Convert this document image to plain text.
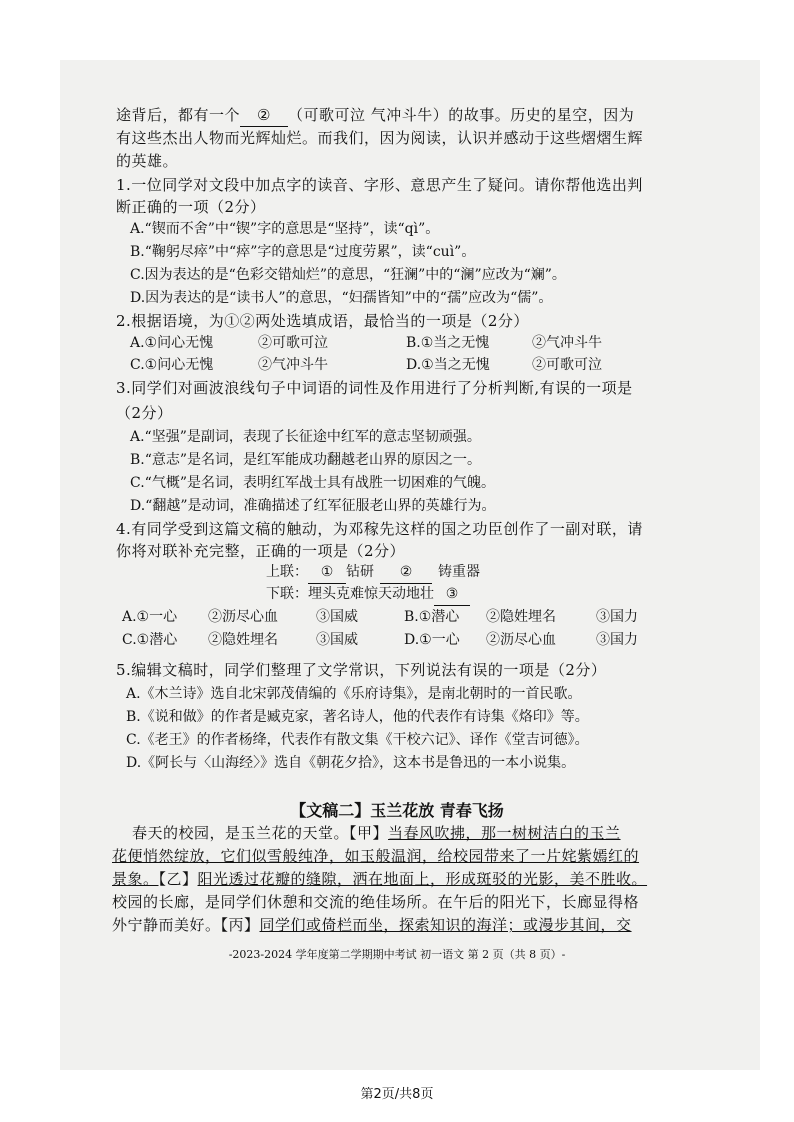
途背后，都有一个 ② （可歌可泣 气冲斗牛）的故事。历史的星空，因为
有这些杰出人物而光辉灿烂。而我们，因为阅读，认识并感动于这些熠熠生辉
的英雄。
1.一位同学对文段中加点字的读音、字形、意思产生了疑问。请你帮他选出判
断正确的一项（2分）
A.“锲而不舍”中“锲”字的意思是“坚持”，读“qì”。
B.“鞠躬尽瘁”中“瘁”字的意思是“过度劳累”，读“cuì”。
C.因为表达的是“色彩交错灿烂”的意思，“狂澜”中的“澜”应改为“斓”。
D.因为表达的是“读书人”的意思，“妇孺皆知”中的“孺”应改为“儒”。
2.根据语境，为①②两处选填成语，最恰当的一项是（2分）
A.①问心无愧	②可歌可泣	B.①当之无愧	②气冲斗牛
C.①问心无愧	②气冲斗牛	D.①当之无愧	②可歌可泣
3.同学们对画波浪线句子中词语的词性及作用进行了分析判断,有误的一项是
（2分）
A.“坚强”是副词，表现了长征途中红军的意志坚韧顽强。
B.“意志”是名词，是红军能成功翻越老山界的原因之一。
C.“气概”是名词，表明红军战士具有战胜一切困难的气魄。
D.“翻越”是动词，准确描述了红军征服老山界的英雄行为。
4.有同学受到这篇文稿的触动，为邓稼先这样的国之功臣创作了一副对联，请
你将对联补充完整，正确的一项是（2分）
上联： ① 钻研 ② 铸重器
下联：埋头克难惊天动地壮 ③
A.①一心 ②沥尽心血	③国威	B.①潜心 ②隐姓埋名	③国力
C.①潜心 ②隐姓埋名	③国威	D.①一心 ②沥尽心血	③国力
5.编辑文稿时，同学们整理了文学常识，下列说法有误的一项是（2分）
A.《木兰诗》选自北宋郭茂倩编的《乐府诗集》，是南北朝时的一首民歌。
B.《说和做》的作者是臧克家，著名诗人，他的代表作有诗集《烙印》等。
C.《老王》的作者杨绛，代表作有散文集《干校六记》、译作《堂吉诃德》。
D.《阿长与〈山海经〉》选自《朝花夕拾》，这本书是鲁迅的一本小说集。
【文稿二】玉兰花放 青春飞扬
春天的校园，是玉兰花的天堂。【甲】当春风吹拂，那一树树洁白的玉兰
花便悄然绽放，它们似雪般纯净，如玉般温润，给校园带来了一片姹紫嫣红的
景象。【乙】阳光透过花瓣的缝隙，洒在地面上，形成斑驳的光影，美不胜收。
校园的长廊，是同学们休憩和交流的绝佳场所。在午后的阳光下，长廊显得格
外宁静而美好。【丙】同学们或倚栏而坐，探索知识的海洋；或漫步其间，交
-2023-2024 学年度第二学期期中考试 初一语文 第 2 页（共 8 页）-
第2页/共8页
